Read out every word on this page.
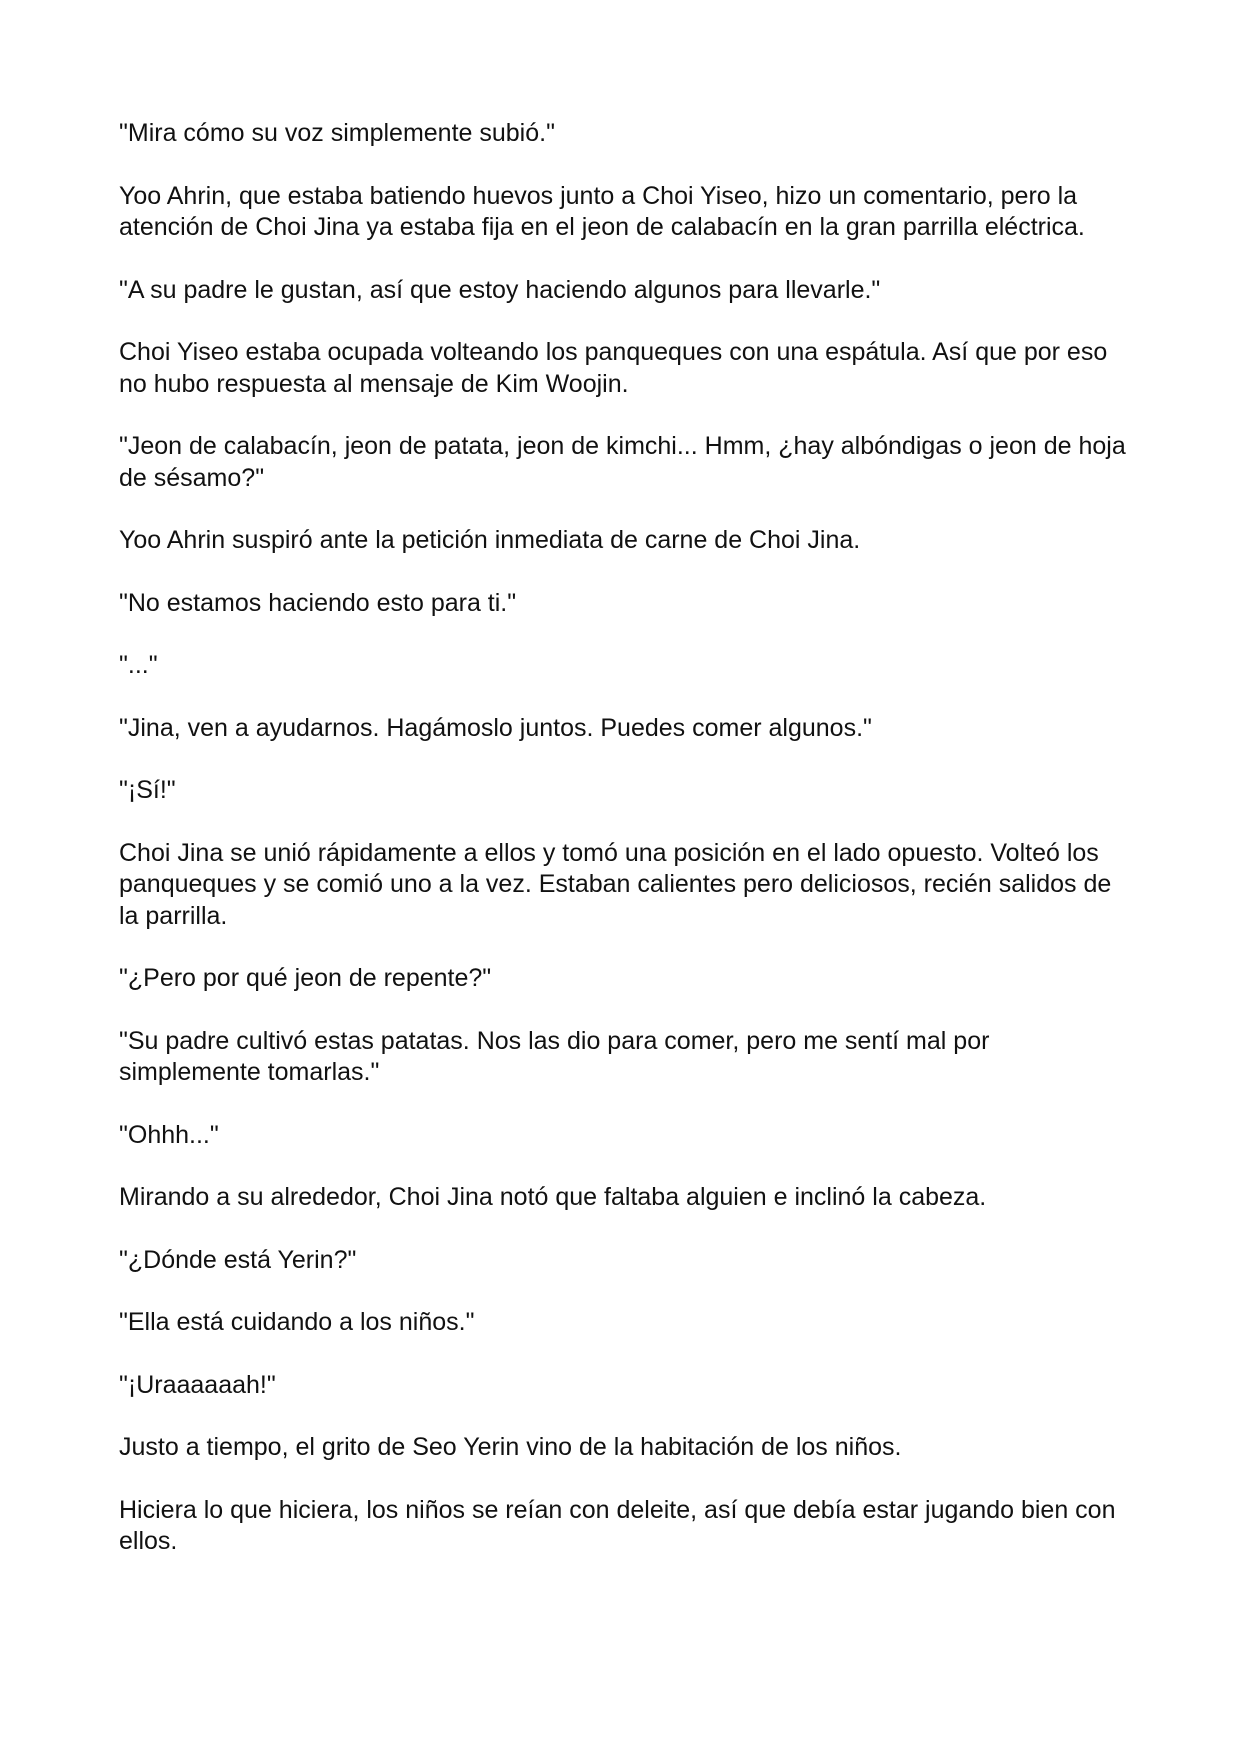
"Mira cómo su voz simplemente subió."

Yoo Ahrin, que estaba batiendo huevos junto a Choi Yiseo, hizo un comentario, pero la atención de Choi Jina ya estaba fija en el jeon de calabacín en la gran parrilla eléctrica.

"A su padre le gustan, así que estoy haciendo algunos para llevarle."

Choi Yiseo estaba ocupada volteando los panqueques con una espátula. Así que por eso no hubo respuesta al mensaje de Kim Woojin.

"Jeon de calabacín, jeon de patata, jeon de kimchi... Hmm, ¿hay albóndigas o jeon de hoja de sésamo?"

Yoo Ahrin suspiró ante la petición inmediata de carne de Choi Jina.

"No estamos haciendo esto para ti."

"..."

"Jina, ven a ayudarnos. Hagámoslo juntos. Puedes comer algunos."

"¡Sí!"

Choi Jina se unió rápidamente a ellos y tomó una posición en el lado opuesto. Volteó los panqueques y se comió uno a la vez. Estaban calientes pero deliciosos, recién salidos de la parrilla.

"¿Pero por qué jeon de repente?"

"Su padre cultivó estas patatas. Nos las dio para comer, pero me sentí mal por simplemente tomarlas."

"Ohhh..."

Mirando a su alrededor, Choi Jina notó que faltaba alguien e inclinó la cabeza.

"¿Dónde está Yerin?"

"Ella está cuidando a los niños."

"¡Uraaaaaah!"

Justo a tiempo, el grito de Seo Yerin vino de la habitación de los niños.

Hiciera lo que hiciera, los niños se reían con deleite, así que debía estar jugando bien con ellos.
